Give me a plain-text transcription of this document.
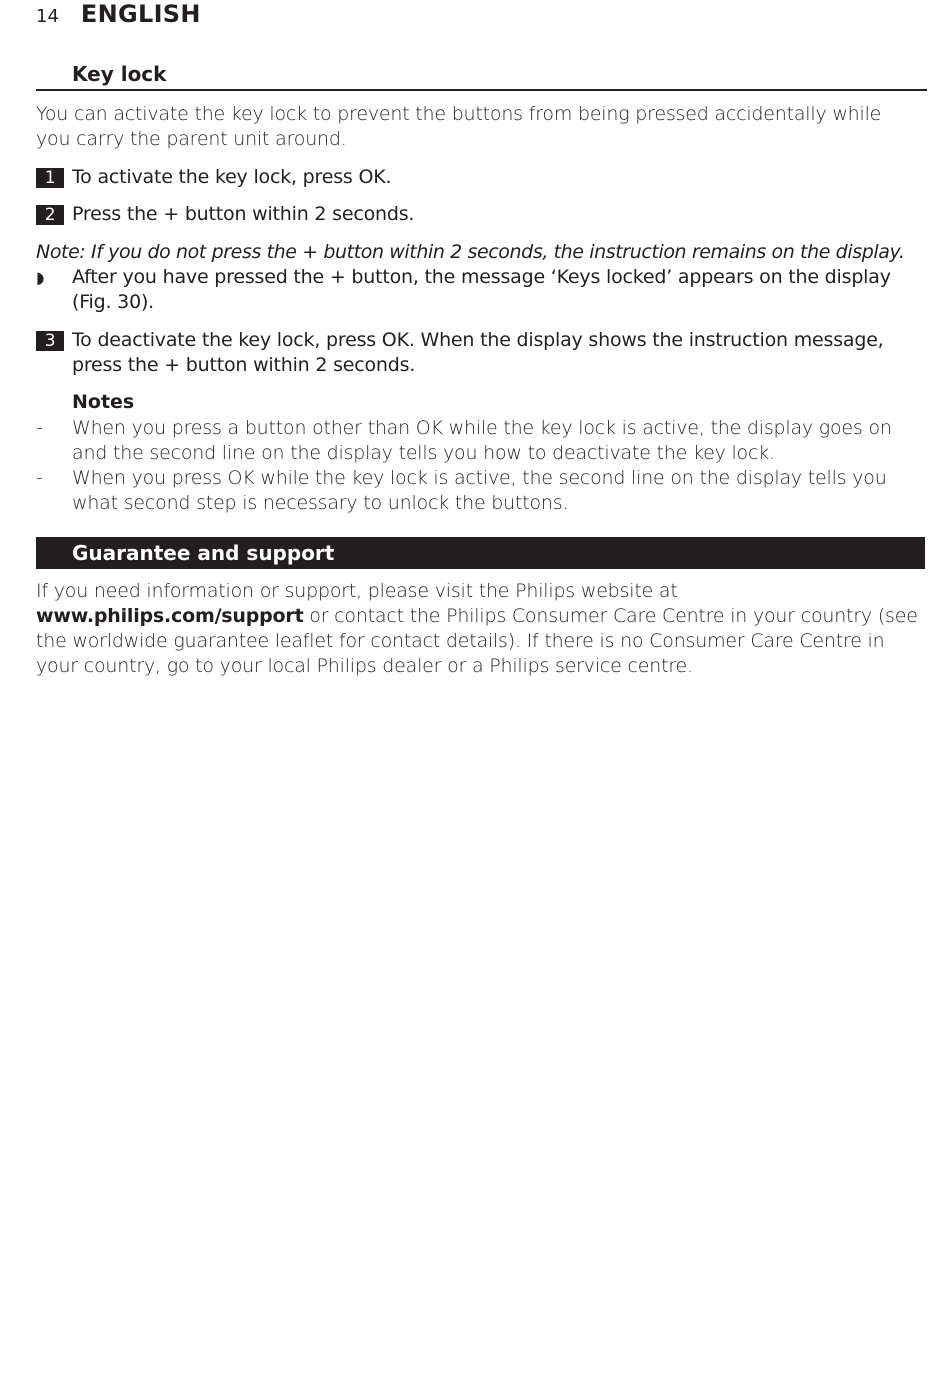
14 ENGLISH
Key lock
You can activate the key lock to prevent the buttons from being pressed accidentally while you carry the parent unit around.
1 To activate the key lock, press OK.
2 Press the + button within 2 seconds.
Note: If you do not press the + button within 2 seconds, the instruction remains on the display.
◗	After you have pressed the + button, the message ‘Keys locked’ appears on the display (Fig. 30).
3 To deactivate the key lock, press OK. When the display shows the instruction message, press the + button within 2 seconds.
Notes
- When you press a button other than OK while the key lock is active, the display goes on and the second line on the display tells you how to deactivate the key lock.
- When you press OK while the key lock is active, the second line on the display tells you what second step is necessary to unlock the buttons.
Guarantee and support
If you need information or support, please visit the Philips website at www.philips.com/support or contact the Philips Consumer Care Centre in your country (see the worldwide guarantee leaflet for contact details). If there is no Consumer Care Centre in your country, go to your local Philips dealer or a Philips service centre.
